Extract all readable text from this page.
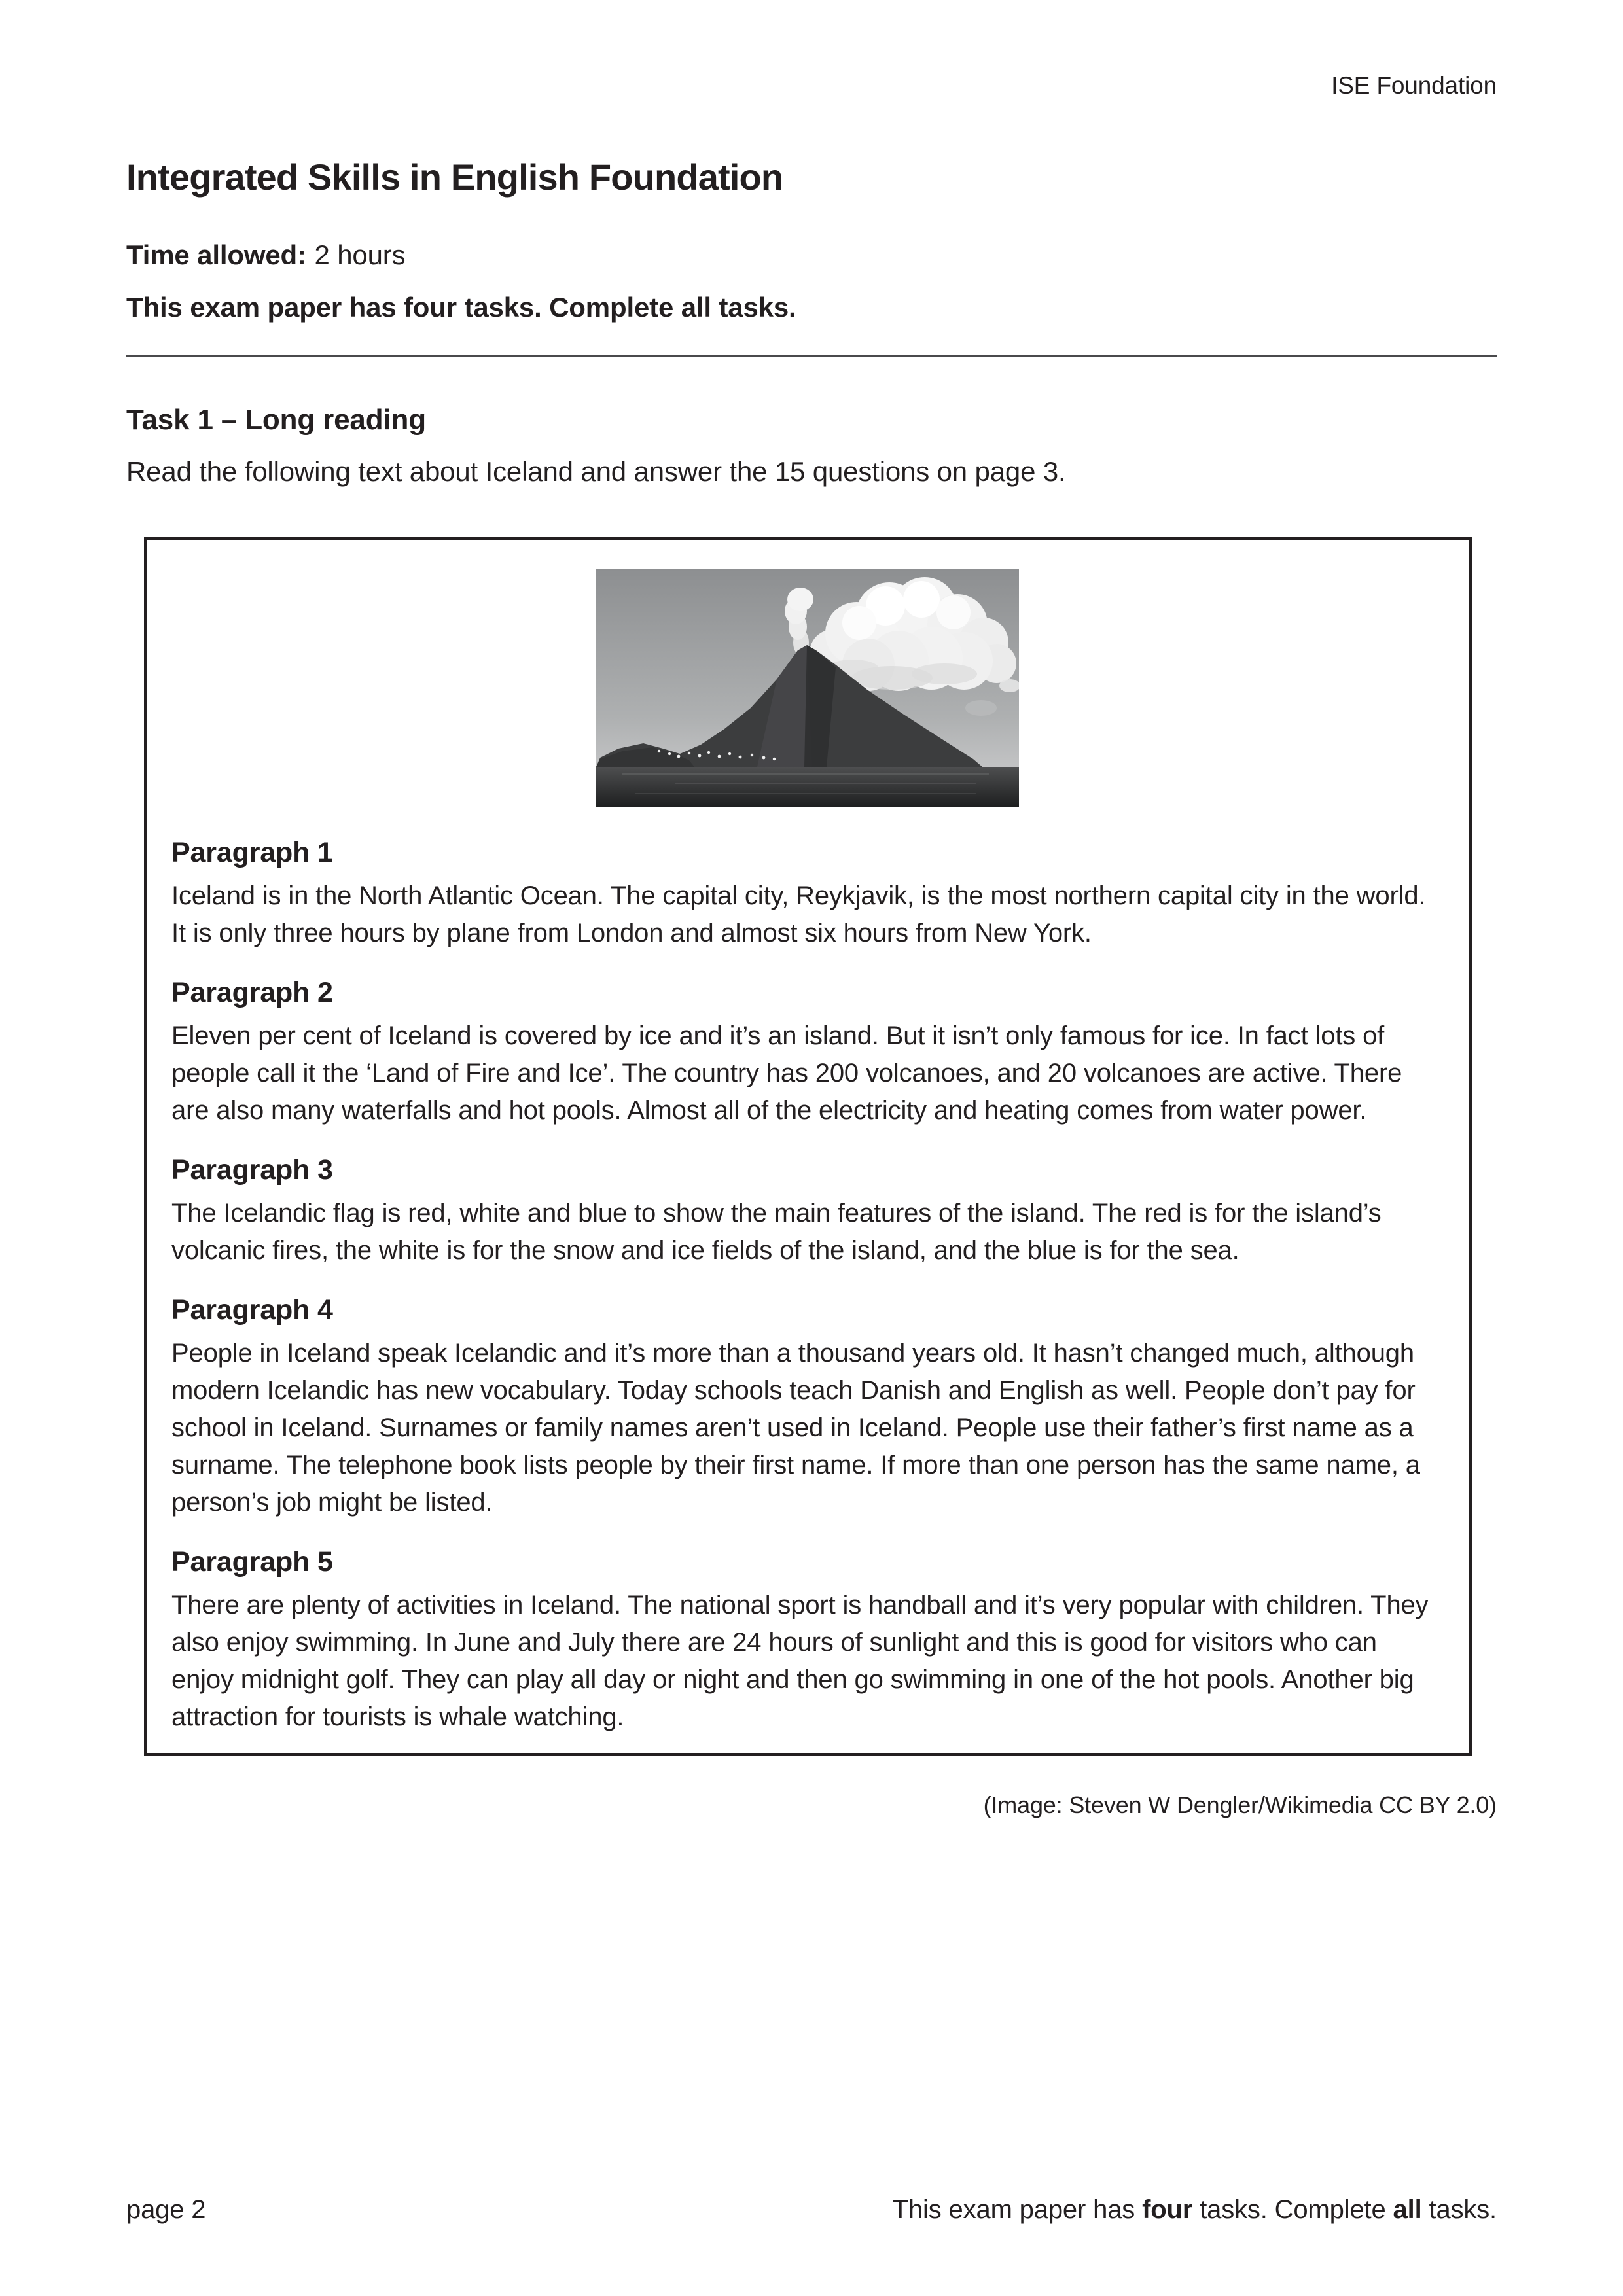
ISE Foundation
Integrated Skills in English Foundation
Time allowed: 2 hours
This exam paper has four tasks. Complete all tasks.
Task 1 – Long reading
Read the following text about Iceland and answer the 15 questions on page 3.
Paragraph 1
Iceland is in the North Atlantic Ocean. The capital city, Reykjavik, is the most northern capital city in the world. It is only three hours by plane from London and almost six hours from New York.
Paragraph 2
Eleven per cent of Iceland is covered by ice and it’s an island. But it isn’t only famous for ice. In fact lots of people call it the ‘Land of Fire and Ice’. The country has 200 volcanoes, and 20 volcanoes are active. There are also many waterfalls and hot pools. Almost all of the electricity and heating comes from water power.
Paragraph 3
The Icelandic flag is red, white and blue to show the main features of the island. The red is for the island’s volcanic fires, the white is for the snow and ice fields of the island, and the blue is for the sea.
Paragraph 4
People in Iceland speak Icelandic and it’s more than a thousand years old. It hasn’t changed much, although modern Icelandic has new vocabulary. Today schools teach Danish and English as well. People don’t pay for school in Iceland. Surnames or family names aren’t used in Iceland. People use their father’s first name as a surname. The telephone book lists people by their first name. If more than one person has the same name, a person’s job might be listed.
Paragraph 5
There are plenty of activities in Iceland. The national sport is handball and it’s very popular with children. They also enjoy swimming. In June and July there are 24 hours of sunlight and this is good for visitors who can enjoy midnight golf. They can play all day or night and then go swimming in one of the hot pools. Another big attraction for tourists is whale watching.
(Image: Steven W Dengler/Wikimedia CC BY 2.0)
page 2	This exam paper has four tasks. Complete all tasks.
